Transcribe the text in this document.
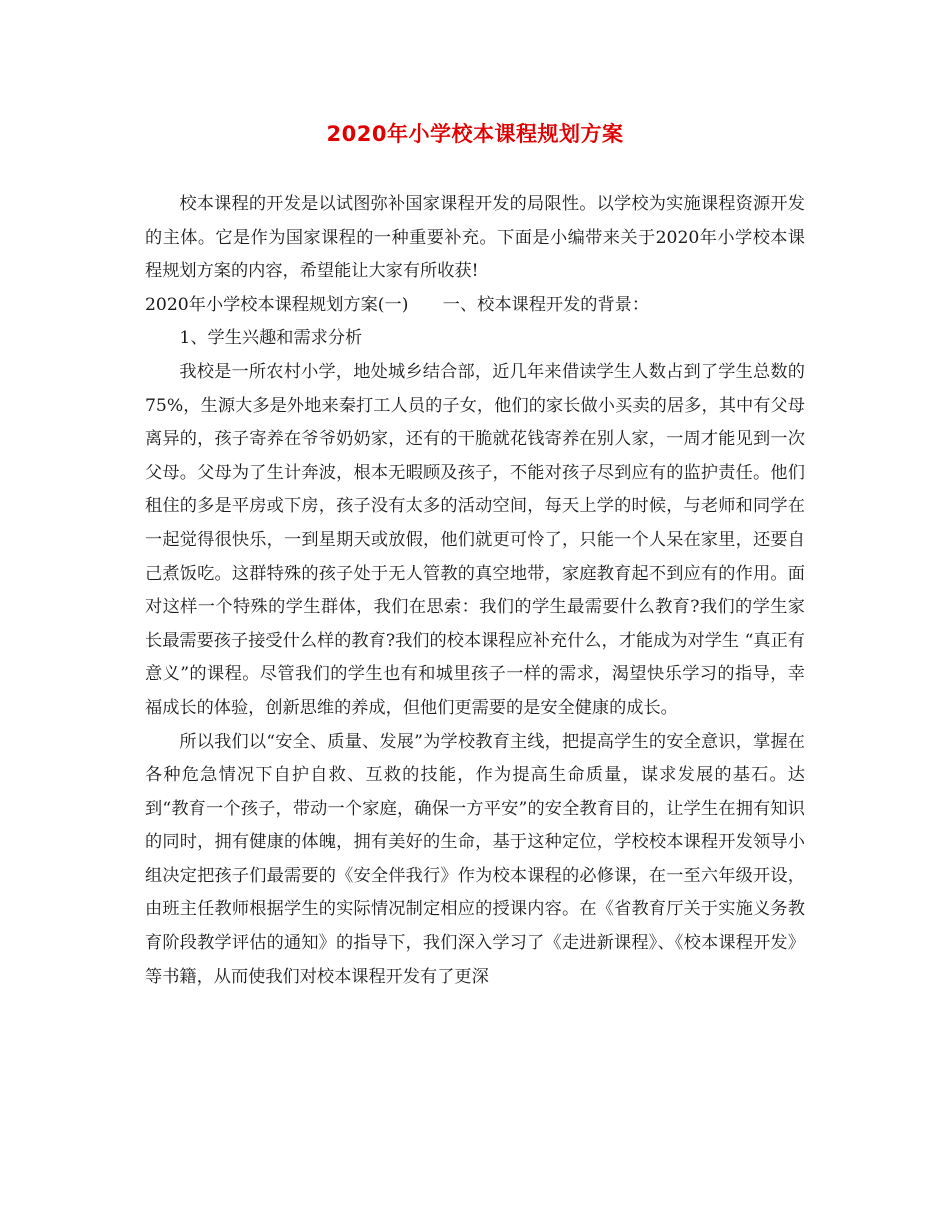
2020年小学校本课程规划方案

校本课程的开发是以试图弥补国家课程开发的局限性。以学校为实施课程资源开发的主体。它是作为国家课程的一种重要补充。下面是小编带来关于2020年小学校本课程规划方案的内容，希望能让大家有所收获!

2020年小学校本课程规划方案(一)　　一、校本课程开发的背景：

1、学生兴趣和需求分析

我校是一所农村小学，地处城乡结合部，近几年来借读学生人数占到了学生总数的75%，生源大多是外地来秦打工人员的子女，他们的家长做小买卖的居多，其中有父母离异的，孩子寄养在爷爷奶奶家，还有的干脆就花钱寄养在别人家，一周才能见到一次父母。父母为了生计奔波，根本无暇顾及孩子，不能对孩子尽到应有的监护责任。他们租住的多是平房或下房，孩子没有太多的活动空间，每天上学的时候，与老师和同学在一起觉得很快乐，一到星期天或放假，他们就更可怜了，只能一个人呆在家里，还要自己煮饭吃。这群特殊的孩子处于无人管教的真空地带，家庭教育起不到应有的作用。面对这样一个特殊的学生群体，我们在思索：我们的学生最需要什么教育?我们的学生家长最需要孩子接受什么样的教育?我们的校本课程应补充什么，才能成为对学生 “真正有意义”的课程。尽管我们的学生也有和城里孩子一样的需求，渴望快乐学习的指导，幸福成长的体验，创新思维的养成，但他们更需要的是安全健康的成长。

所以我们以“安全、质量、发展”为学校教育主线，把提高学生的安全意识，掌握在各种危急情况下自护自救、互救的技能，作为提高生命质量，谋求发展的基石。达到“教育一个孩子，带动一个家庭，确保一方平安”的安全教育目的，让学生在拥有知识的同时，拥有健康的体魄，拥有美好的生命，基于这种定位，学校校本课程开发领导小组决定把孩子们最需要的《安全伴我行》作为校本课程的必修课，在一至六年级开设，由班主任教师根据学生的实际情况制定相应的授课内容。在《省教育厅关于实施义务教育阶段教学评估的通知》的指导下，我们深入学习了《走进新课程》、《校本课程开发》等书籍，从而使我们对校本课程开发有了更深
